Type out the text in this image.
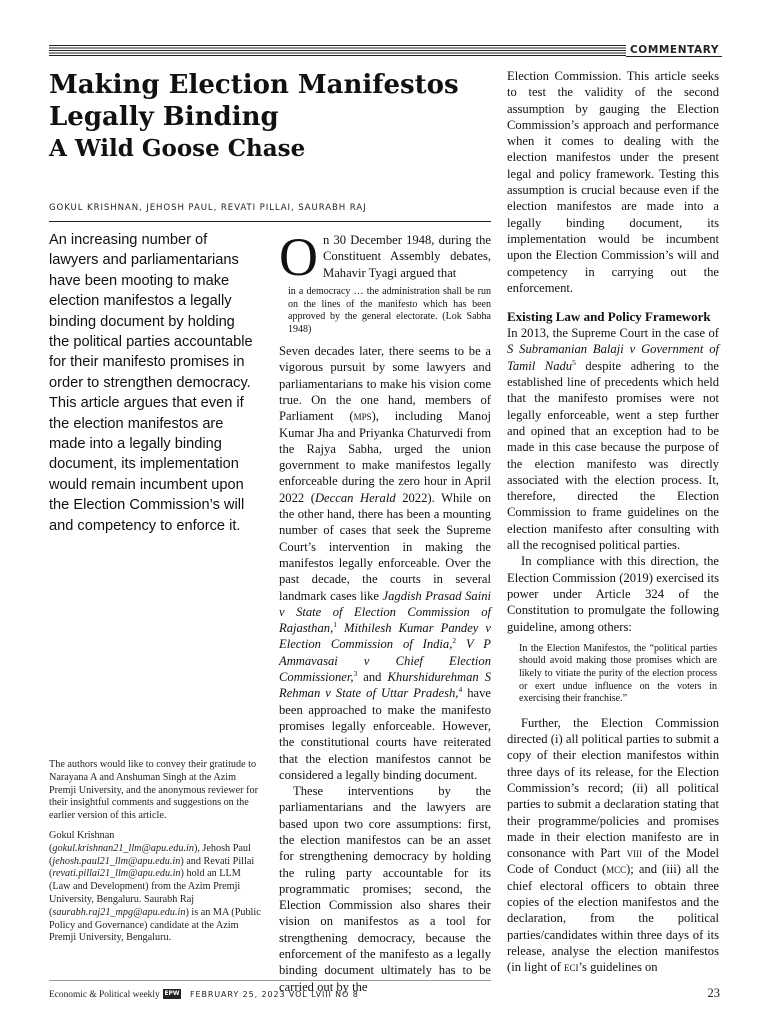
COMMENTARY
Making Election Manifestos Legally Binding
A Wild Goose Chase
GOKUL KRISHNAN, JEHOSH PAUL, REVATI PILLAI, SAURABH RAJ

An increasing number of lawyers and parliamentarians have been mooting to make election manifestos a legally binding document by holding the political parties accountable for their manifesto promises in order to strengthen democracy.

This article argues that even if the election manifestos are made into a legally binding document, its implementation would remain incumbent upon the Election Commission’s will and competency to enforce it.

The authors would like to convey their gratitude to Narayana A and Anshuman Singh at the Azim Premji University, and the anonymous reviewer for their insightful comments and suggestions on the earlier version of this article.

Gokul Krishnan (gokul.krishnan21_llm@apu.edu.in), Jehosh Paul (jehosh.paul21_llm@apu.edu.in) and Revati Pillai (revati.pillai21_llm@apu.edu.in) hold an LLM (Law and Development) from the Azim Premji University, Bengaluru. Saurabh Raj (saurabh.raj21_mpg@apu.edu.in) is an MA (Public Policy and Governance) candidate at the Azim Premji University, Bengaluru.

On 30 December 1948, during the Constituent Assembly debates, Mahavir Tyagi argued that

in a democracy … the administration shall be run on the lines of the manifesto which has been approved by the general electorate. (Lok Sabha 1948)

Seven decades later, there seems to be a vigorous pursuit by some lawyers and parliamentarians to make his vision come true. On the one hand, members of Parliament (mps), including Manoj Kumar Jha and Priyanka Chaturvedi from the Rajya Sabha, urged the union government to make manifestos legally enforceable during the zero hour in April 2022 (Deccan Herald 2022). While on the other hand, there has been a mounting number of cases that seek the Supreme Court’s intervention in making the manifestos legally enforceable. Over the past decade, the courts in several landmark cases like Jagdish Prasad Saini v State of Election Commission of Rajasthan,$^1$ Mithilesh Kumar Pandey v Election Commission of India,$^2$ V P Ammavasai v Chief Election Commissioner,$^3$ and Khurshidurehman S Rehman v State of Uttar Pradesh,$^4$ have been approached to make the manifesto promises legally enforceable. However, the constitutional courts have reiterated that the election manifestos cannot be considered a legally binding document.

These interventions by the parliamentarians and the lawyers are based upon two core assumptions: first, the election manifestos can be an asset for strengthening democracy by holding the ruling party accountable for its programmatic promises; second, the Election Commission also shares their vision on manifestos as a tool for strengthening democracy, because the enforcement of the manifesto as a legally binding document ultimately has to be carried out by the

Election Commission. This article seeks to test the validity of the second assumption by gauging the Election Commission’s approach and performance when it comes to dealing with the election manifestos under the present legal and policy framework. Testing this assumption is crucial because even if the election manifestos are made into a legally binding document, its implementation would be incumbent upon the Election Commission’s will and competency in carrying out the enforcement.

Existing Law and Policy Framework

In 2013, the Supreme Court in the case of S Subramanian Balaji v Government of Tamil Nadu$^5$ despite adhering to the established line of precedents which held that the manifesto promises were not legally enforceable, went a step further and opined that an exception had to be made in this case because the purpose of the election manifesto was directly associated with the election process. It, therefore, directed the Election Commission to frame guidelines on the election manifesto after consulting with all the recognised political parties.

In compliance with this direction, the Election Commission (2019) exercised its power under Article 324 of the Constitution to promulgate the following guideline, among others:

In the Election Manifestos, the “political parties should avoid making those promises which are likely to vitiate the purity of the election process or exert undue influence on the voters in exercising their franchise.”

Further, the Election Commission directed (i) all political parties to submit a copy of their election manifestos within three days of its release, for the Election Commission’s record; (ii) all political parties to submit a declaration stating that their programme/policies and promises made in their election manifesto are in consonance with Part viii of the Model Code of Conduct (mcc); and (iii) all the chief electoral officers to obtain three copies of the election manifestos and the declaration, from the political parties/candidates within three days of its release, analyse the election manifestos (in light of eci’s guidelines on

Economic & Political weekly EPW FEBRUARY 25, 2023 VOL LVIII NO 8	23
